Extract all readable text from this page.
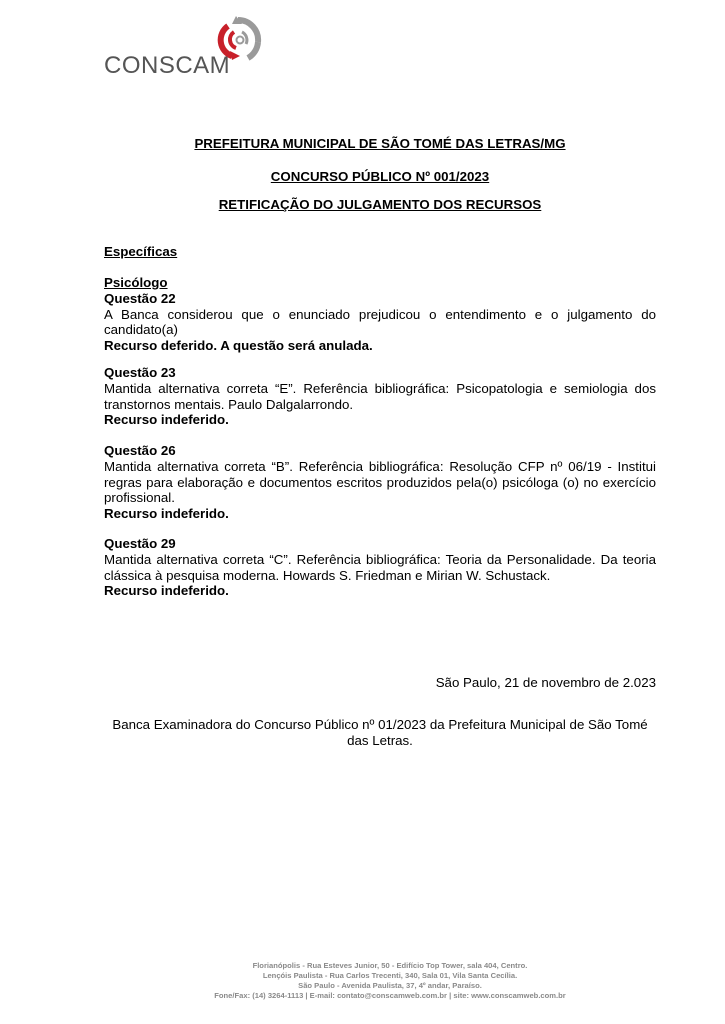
CONSCAM
PREFEITURA MUNICIPAL DE SÃO TOMÉ DAS LETRAS/MG
CONCURSO PÚBLICO Nº 001/2023
RETIFICAÇÃO DO JULGAMENTO DOS RECURSOS
Específicas
Psicólogo
Questão 22
A Banca considerou que o enunciado prejudicou o entendimento e o julgamento do candidato(a)
Recurso deferido. A questão será anulada.
Questão 23
Mantida alternativa correta “E”. Referência bibliográfica: Psicopatologia e semiologia dos transtornos mentais. Paulo Dalgalarrondo.
Recurso indeferido.
Questão 26
Mantida alternativa correta “B”. Referência bibliográfica: Resolução CFP nº 06/19 - Institui regras para elaboração e documentos escritos produzidos pela(o) psicóloga (o) no exercício profissional.
Recurso indeferido.
Questão 29
Mantida alternativa correta “C”. Referência bibliográfica: Teoria da Personalidade. Da teoria clássica à pesquisa moderna. Howards S. Friedman e Mirian W. Schustack.
Recurso indeferido.
São Paulo, 21 de novembro de 2.023
Banca Examinadora do Concurso Público nº 01/2023 da Prefeitura Municipal de São Tomé das Letras.
Florianópolis - Rua Esteves Junior, 50 - Edifício Top Tower, sala 404, Centro.
Lençóis Paulista - Rua Carlos Trecenti, 340, Sala 01, Vila Santa Cecília.
São Paulo - Avenida Paulista, 37, 4º andar, Paraíso.
Fone/Fax: (14) 3264-1113 | E-mail: contato@conscamweb.com.br | site: www.conscamweb.com.br
